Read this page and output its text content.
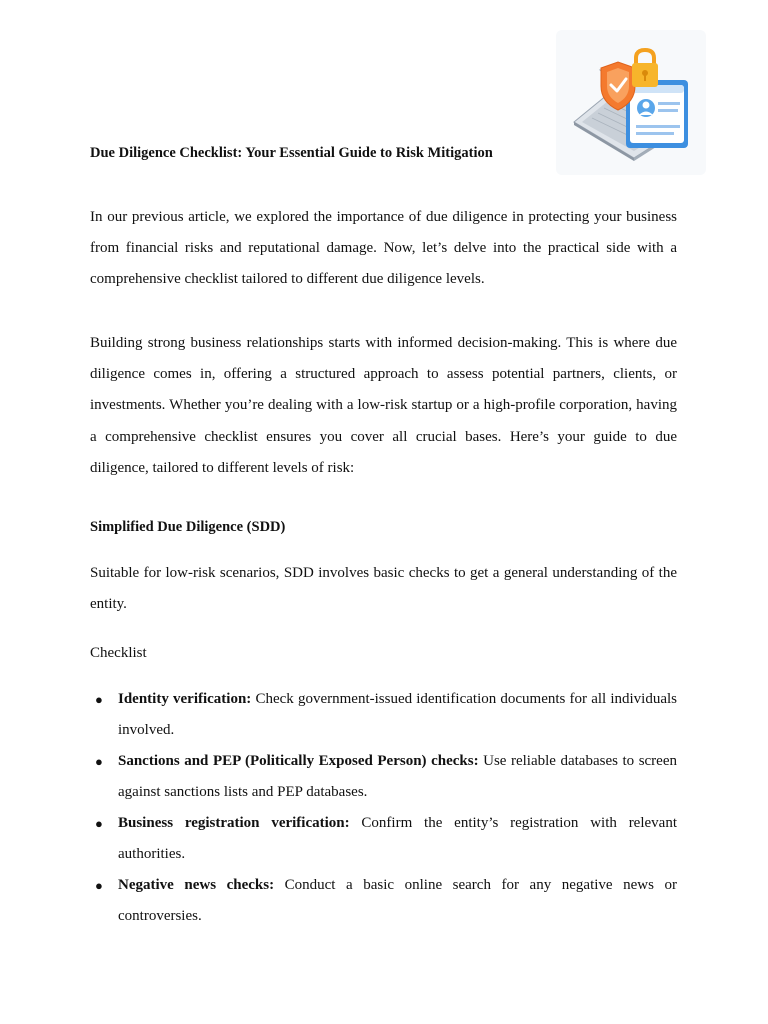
Due Diligence Checklist: Your Essential Guide to Risk Mitigation

In our previous article, we explored the importance of due diligence in protecting your business from financial risks and reputational damage. Now, let’s delve into the practical side with a comprehensive checklist tailored to different due diligence levels.

Building strong business relationships starts with informed decision-making. This is where due diligence comes in, offering a structured approach to assess potential partners, clients, or investments. Whether you’re dealing with a low-risk startup or a high-profile corporation, having a comprehensive checklist ensures you cover all crucial bases. Here’s your guide to due diligence, tailored to different levels of risk:

Simplified Due Diligence (SDD)

Suitable for low-risk scenarios, SDD involves basic checks to get a general understanding of the entity.

Checklist

● Identity verification: Check government-issued identification documents for all individuals involved.
● Sanctions and PEP (Politically Exposed Person) checks: Use reliable databases to screen against sanctions lists and PEP databases.
● Business registration verification: Confirm the entity’s registration with relevant authorities.
● Negative news checks: Conduct a basic online search for any negative news or controversies.
